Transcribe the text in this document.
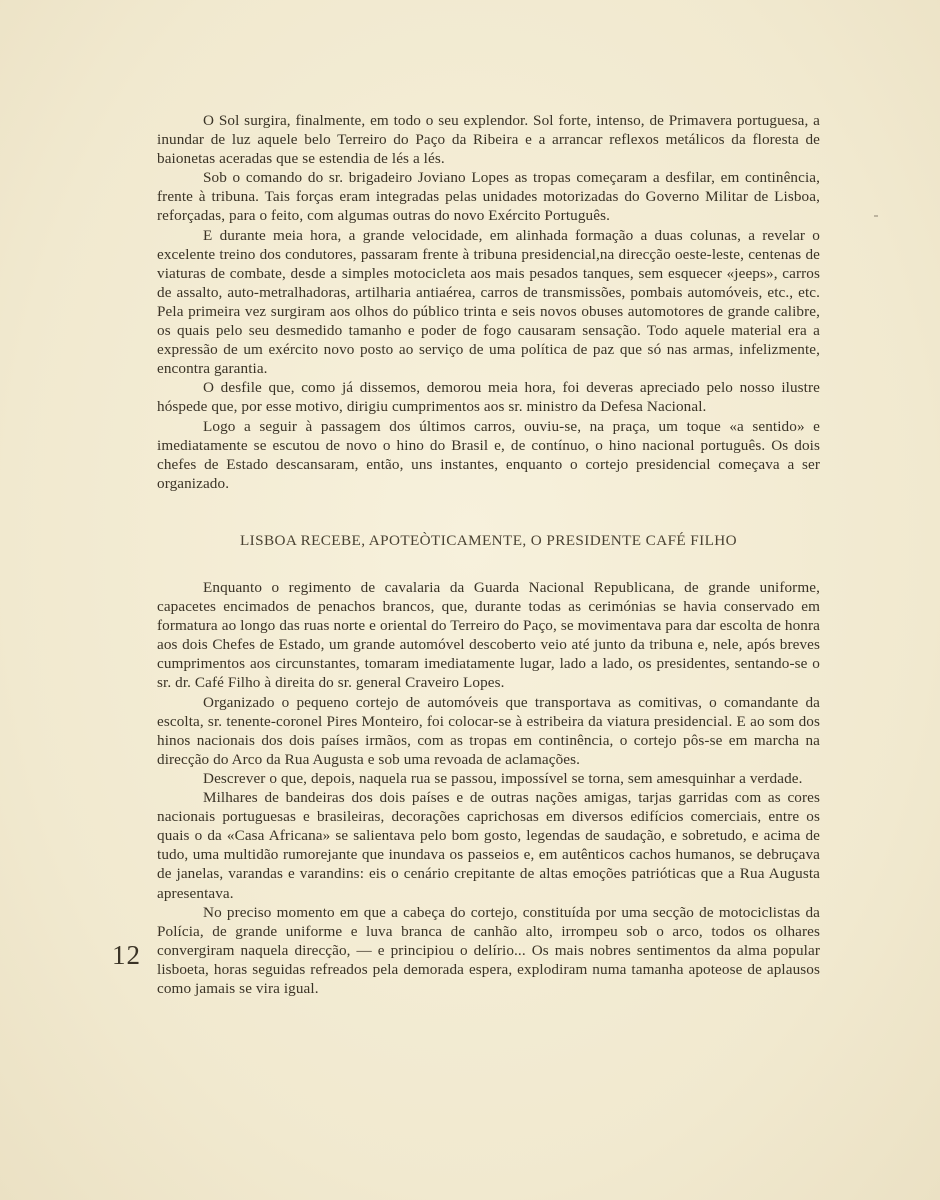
O Sol surgira, finalmente, em todo o seu explendor. Sol forte, intenso, de Primavera portuguesa, a inundar de luz aquele belo Terreiro do Paço da Ribeira e a arrancar reflexos metálicos da floresta de baionetas aceradas que se estendia de lés a lés.

Sob o comando do sr. brigadeiro Joviano Lopes as tropas começaram a desfilar, em continência, frente à tribuna. Tais forças eram integradas pelas unidades motorizadas do Governo Militar de Lisboa, reforçadas, para o feito, com algumas outras do novo Exército Português.

E durante meia hora, a grande velocidade, em alinhada formação a duas colunas, a revelar o excelente treino dos condutores, passaram frente à tribuna presidencial,na direcção oeste-leste, centenas de viaturas de combate, desde a simples motocicleta aos mais pesados tanques, sem esquecer «jeeps», carros de assalto, auto-metralhadoras, artilharia antiaérea, carros de transmissões, pombais automóveis, etc., etc. Pela primeira vez surgiram aos olhos do público trinta e seis novos obuses automotores de grande calibre, os quais pelo seu desmedido tamanho e poder de fogo causaram sensação. Todo aquele material era a expressão de um exército novo posto ao serviço de uma política de paz que só nas armas, infelizmente, encontra garantia.

O desfile que, como já dissemos, demorou meia hora, foi deveras apreciado pelo nosso ilustre hóspede que, por esse motivo, dirigiu cumprimentos aos sr. ministro da Defesa Nacional.

Logo a seguir à passagem dos últimos carros, ouviu-se, na praça, um toque «a sentido» e imediatamente se escutou de novo o hino do Brasil e, de contínuo, o hino nacional português. Os dois chefes de Estado descansaram, então, uns instantes, enquanto o cortejo presidencial começava a ser organizado.

LISBOA RECEBE, APOTEÒTICAMENTE, O PRESIDENTE CAFÉ FILHO

Enquanto o regimento de cavalaria da Guarda Nacional Republicana, de grande uniforme, capacetes encimados de penachos brancos, que, durante todas as cerimónias se havia conservado em formatura ao longo das ruas norte e oriental do Terreiro do Paço, se movimentava para dar escolta de honra aos dois Chefes de Estado, um grande automóvel descoberto veio até junto da tribuna e, nele, após breves cumprimentos aos circunstantes, tomaram imediatamente lugar, lado a lado, os presidentes, sentando-se o sr. dr. Café Filho à direita do sr. general Craveiro Lopes.

Organizado o pequeno cortejo de automóveis que transportava as comitivas, o comandante da escolta, sr. tenente-coronel Pires Monteiro, foi colocar-se à estribeira da viatura presidencial. E ao som dos hinos nacionais dos dois países irmãos, com as tropas em continência, o cortejo pôs-se em marcha na direcção do Arco da Rua Augusta e sob uma revoada de aclamações.

Descrever o que, depois, naquela rua se passou, impossível se torna, sem amesquinhar a verdade.

Milhares de bandeiras dos dois países e de outras nações amigas, tarjas garridas com as cores nacionais portuguesas e brasileiras, decorações caprichosas em diversos edifícios comerciais, entre os quais o da «Casa Africana» se salientava pelo bom gosto, legendas de saudação, e sobretudo, e acima de tudo, uma multidão rumorejante que inundava os passeios e, em autênticos cachos humanos, se debruçava de janelas, varandas e varandins: eis o cenário crepitante de altas emoções patrióticas que a Rua Augusta apresentava.

No preciso momento em que a cabeça do cortejo, constituída por uma secção de motociclistas da Polícia, de grande uniforme e luva branca de canhão alto, irrompeu sob o arco, todos os olhares convergiram naquela direcção, — e principiou o delírio... Os mais nobres sentimentos da alma popular lisboeta, horas seguidas refreados pela demorada espera, explodiram numa tamanha apoteose de aplausos como jamais se vira igual.

12
